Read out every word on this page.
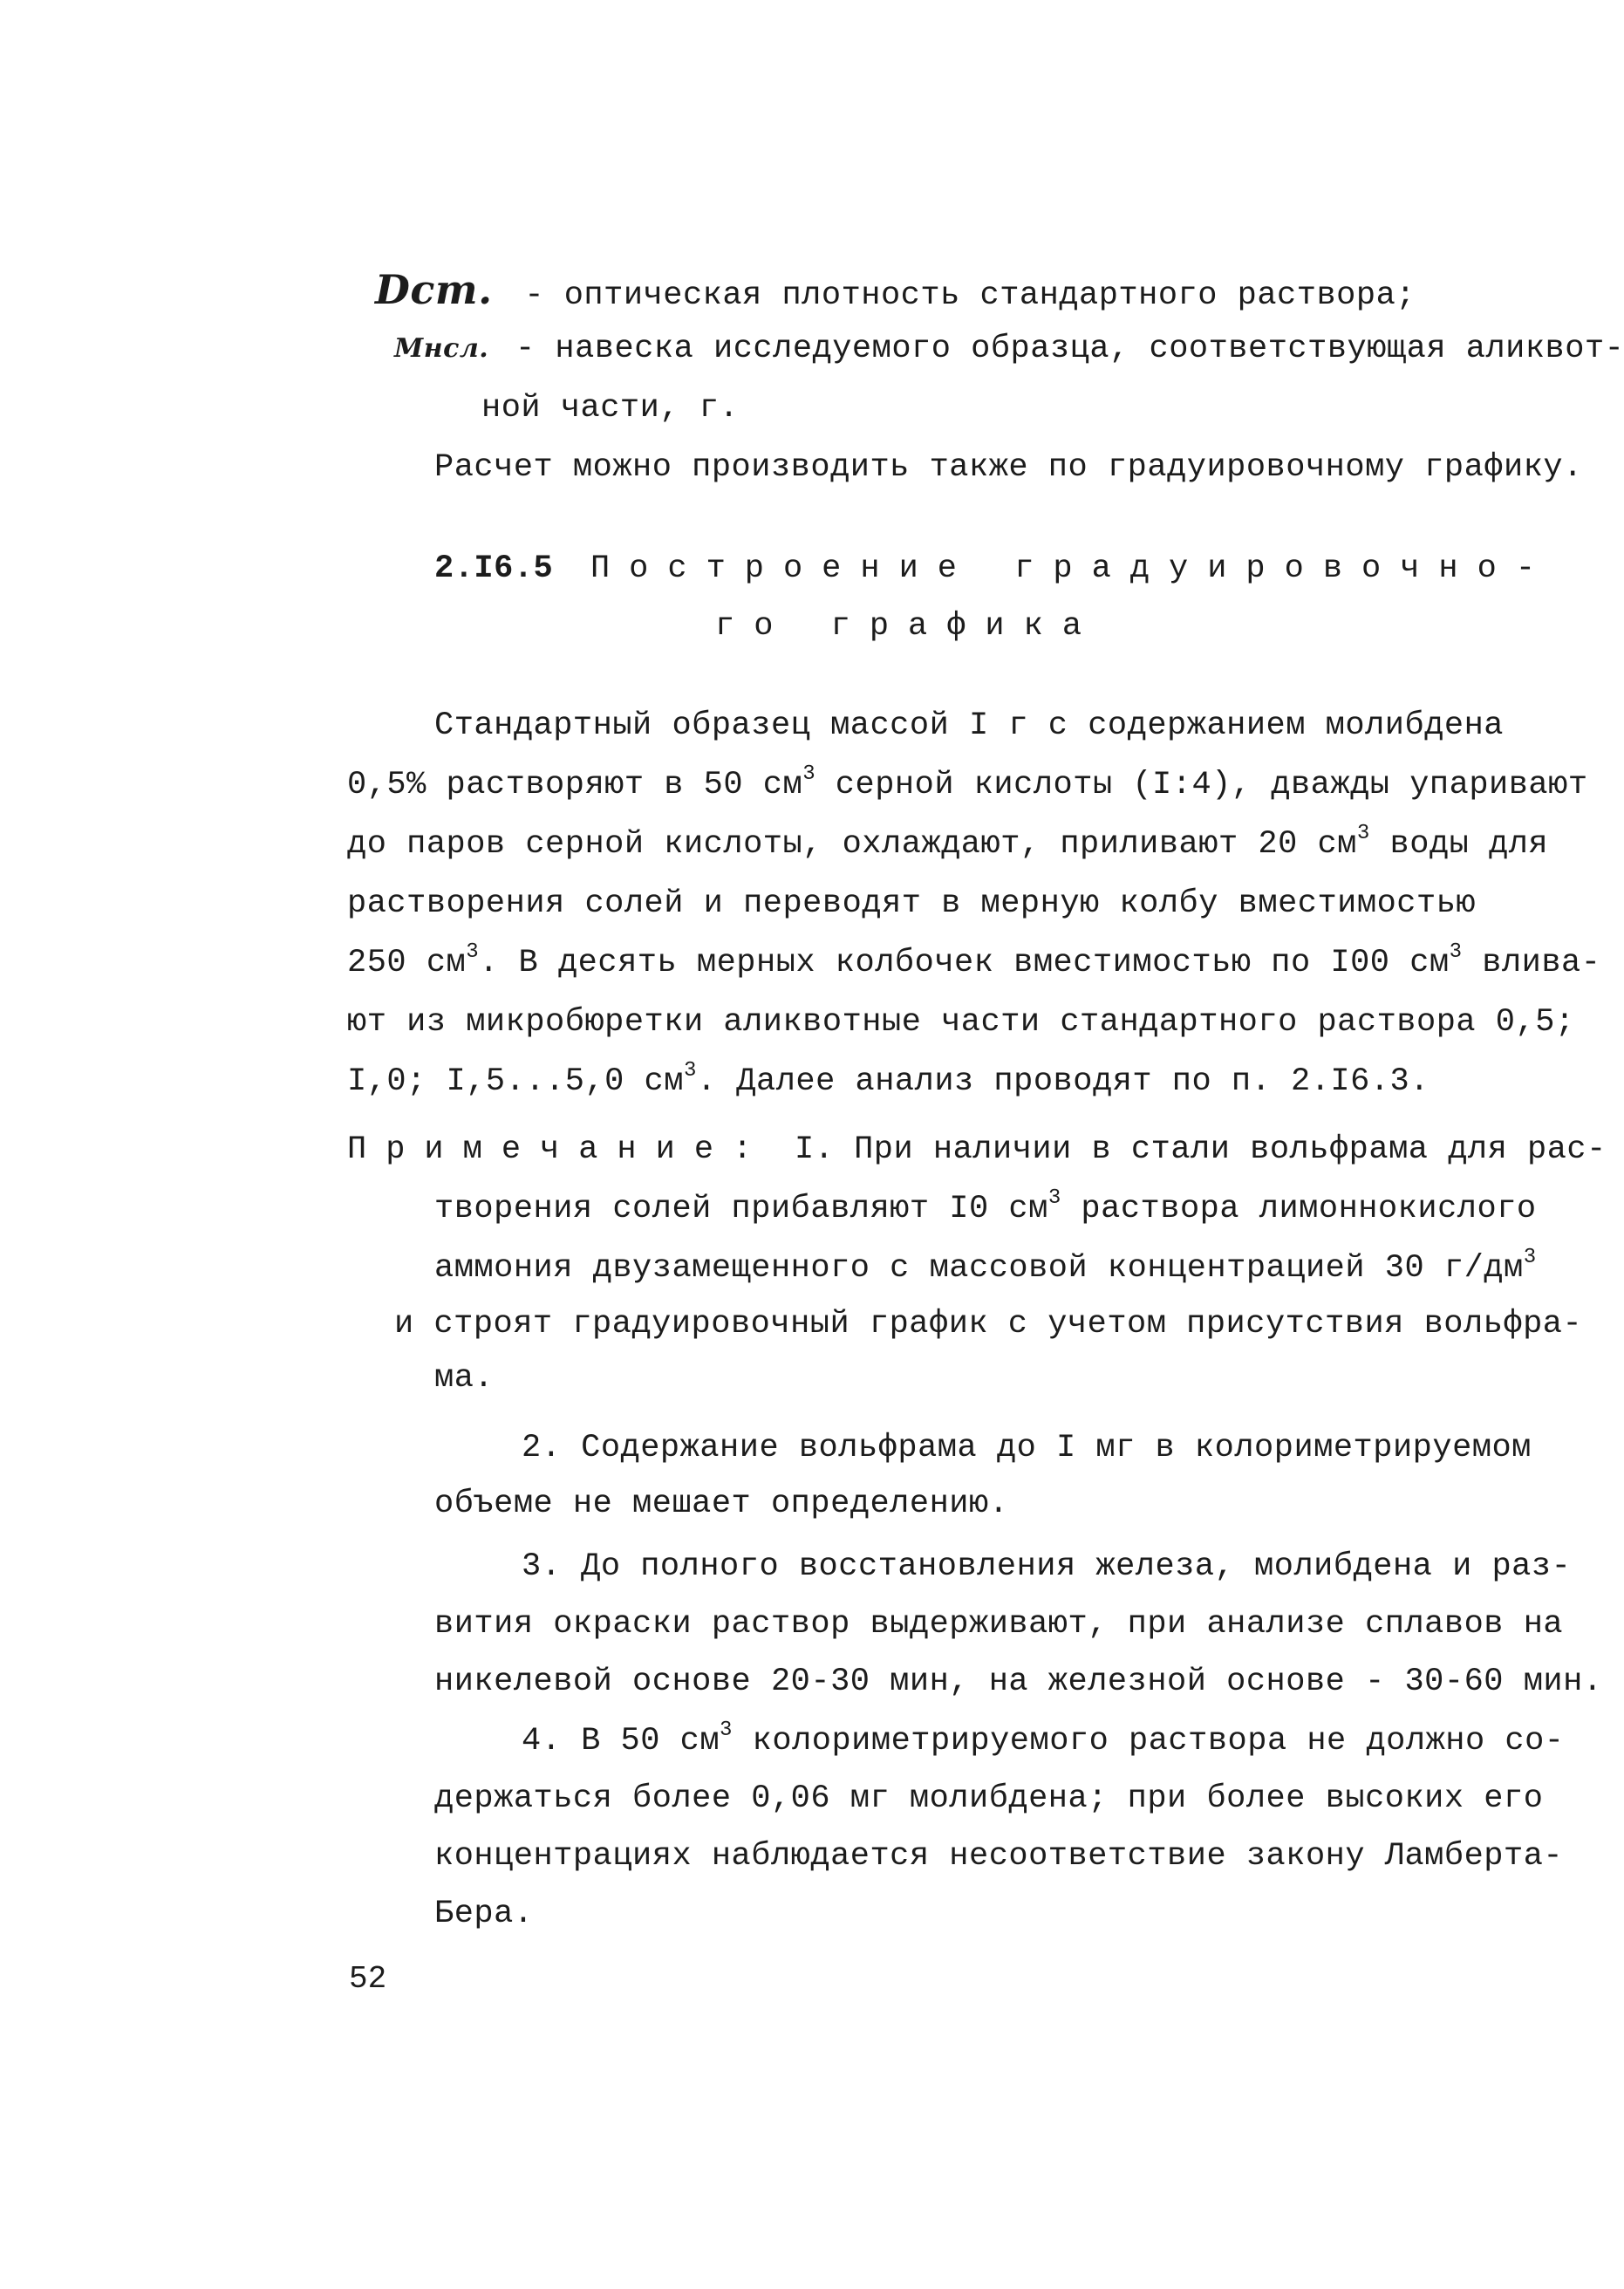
Dст. - оптическая плотность стандартного раствора;
Mнсл. - навеска исследуемого образца, соответствующая аликвот-
ной части, г.
Расчет можно производить также по градуировочному графику.
2.I6.5 Построение градуировочно-
го графика
Стандартный образец массой I г с содержанием молибдена
0,5% растворяют в 50 $см^3$ серной кислоты (I:4), дважды упаривают
до паров серной кислоты, охлаждают, приливают 20 $см^3$ воды для
растворения солей и переводят в мерную колбу вместимостью
250 $см^3$. В десять мерных колбочек вместимостью по I00 $см^3$ влива-
ют из микробюретки аликвотные части стандартного раствора 0,5;
I,0; I,5...5,0 $см^3$. Далее анализ проводят по п. 2.I6.3.
Примечание: I. При наличии в стали вольфрама для рас-
творения солей прибавляют I0 $см^3$ раствора лимоннокислого
аммония двузамещенного с массовой концентрацией 30 $г/дм^3$
и строят градуировочный график с учетом присутствия вольфра-
ма.
2. Содержание вольфрама до I мг в колориметрируемом
объеме не мешает определению.
3. До полного восстановления железа, молибдена и раз-
вития окраски раствор выдерживают, при анализе сплавов на
никелевой основе 20-30 мин, на железной основе - 30-60 мин.
4. В 50 $см^3$ колориметрируемого раствора не должно со-
держаться более 0,06 мг молибдена; при более высоких его
концентрациях наблюдается несоответствие закону Ламберта-
Бера.
52
